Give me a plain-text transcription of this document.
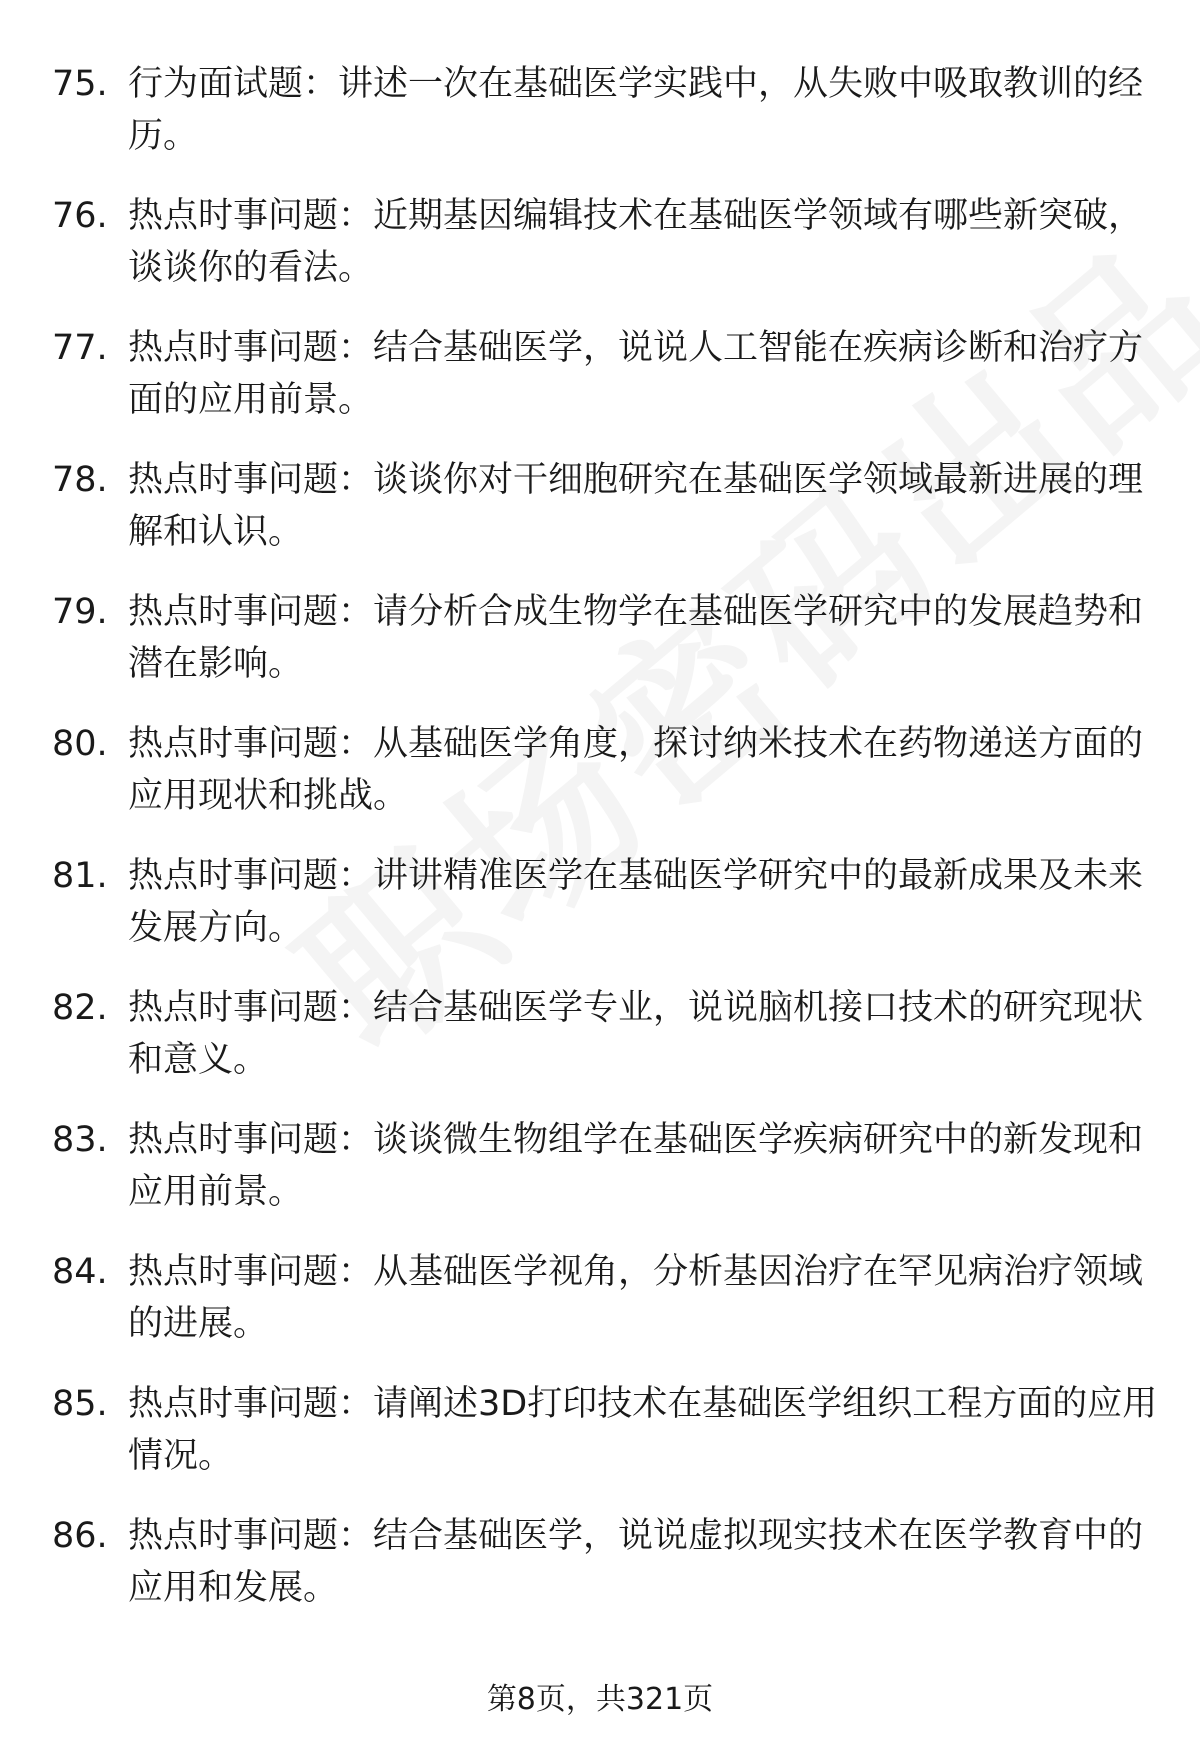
75. 行为面试题：讲述一次在基础医学实践中，从失败中吸取教训的经历。
76. 热点时事问题：近期基因编辑技术在基础医学领域有哪些新突破，谈谈你的看法。
77. 热点时事问题：结合基础医学，说说人工智能在疾病诊断和治疗方面的应用前景。
78. 热点时事问题：谈谈你对干细胞研究在基础医学领域最新进展的理解和认识。
79. 热点时事问题：请分析合成生物学在基础医学研究中的发展趋势和潜在影响。
80. 热点时事问题：从基础医学角度，探讨纳米技术在药物递送方面的应用现状和挑战。
81. 热点时事问题：讲讲精准医学在基础医学研究中的最新成果及未来发展方向。
82. 热点时事问题：结合基础医学专业，说说脑机接口技术的研究现状和意义。
83. 热点时事问题：谈谈微生物组学在基础医学疾病研究中的新发现和应用前景。
84. 热点时事问题：从基础医学视角，分析基因治疗在罕见病治疗领域的进展。
85. 热点时事问题：请阐述3D打印技术在基础医学组织工程方面的应用情况。
86. 热点时事问题：结合基础医学，说说虚拟现实技术在医学教育中的应用和发展。
第8页，共321页
